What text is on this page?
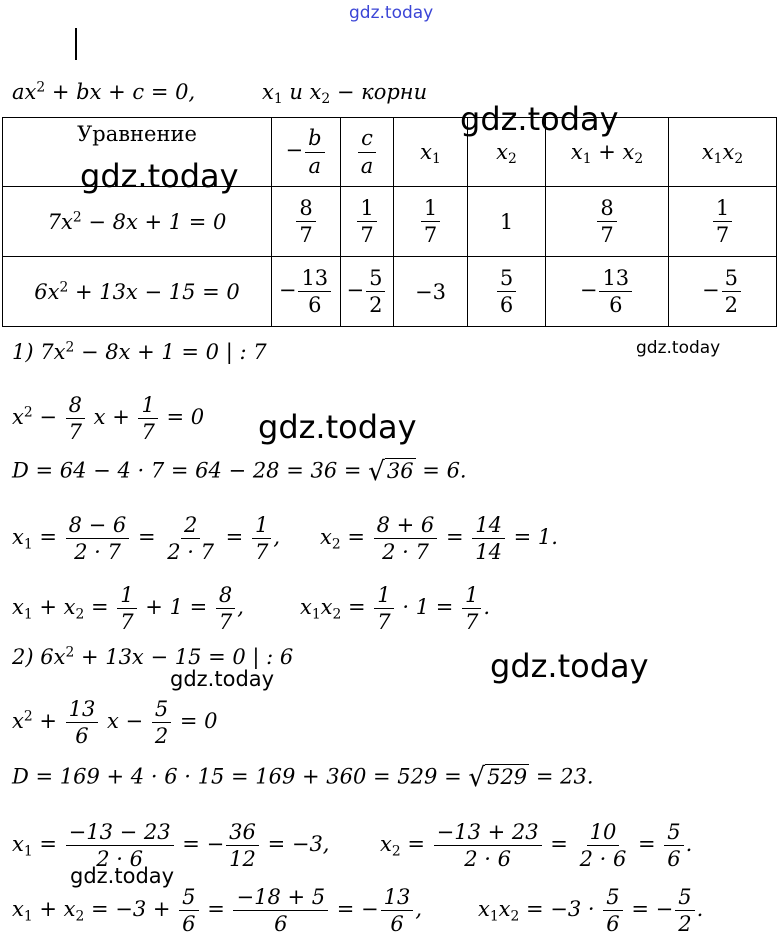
gdz.today
gdz.today
gdz.today
gdz.today
gdz.today
gdz.today
gdz.today
gdz.today
$ax^2$ + bx + c = 0,	$x_1$ и $x_2$ − корни
Уравнение	− $\frac{b}{a}$	$\frac{c}{a}$	$x_1$	$x_2$	$x_1 + x_2$	$x_1x_2$
$7x^2 - 8x + 1 = 0$	$\frac{8}{7}$	$\frac{1}{7}$	$\frac{1}{7}$	1	$\frac{8}{7}$	$\frac{1}{7}$

$6x^2 + 13x - 15 = 0$	− $\frac{13}{6}$	− $\frac{5}{2}$	−3	$\frac{5}{6}$	− $\frac{13}{6}$	− $\frac{5}{2}$
1) $7x^2 - 8x + 1 = 0$ | : 7
$x^2 - \frac{8}{7}$ $x + \frac{1}{7} = 0$
D = 64 − 4 · 7 = 64 − 28 = 36 = √36 = 6.
$x_1 = \frac{8 - 6}{2 \cdot 7} = \frac{2}{2 \cdot 7} = \frac{1}{7}$ , $x_2 = \frac{8 + 6}{2 \cdot 7} = \frac{14}{14} = 1$.
$x_1 + x_2 = \frac{1}{7} + 1 = \frac{8}{7}$ ,	$x_1x_2 = \frac{1}{7} \cdot 1 = \frac{1}{7}$ .
2) $6x^2 + 13x - 15 = 0$ | : 6
$x^2 + \frac{13}{6}$ $x - \frac{5}{2} = 0$
D = 169 + 4 · 6 · 15 = 169 + 360 = 529 = √529 = 23.
$x_1 = \frac{-13 - 23}{2 \cdot 6}$ = − $\frac{36}{12} = -3$, $x_2 = \frac{-13 + 23}{2 \cdot 6} = \frac{10}{2 \cdot 6} = \frac{5}{6}$ .
$x_1 + x_2 = -3 + \frac{5}{6} = \frac{-18 + 5}{6}$ = − $\frac{13}{6}$ ,	$x_1x_2 = -3 \cdot \frac{5}{6}$ = − $\frac{5}{2}$ .
